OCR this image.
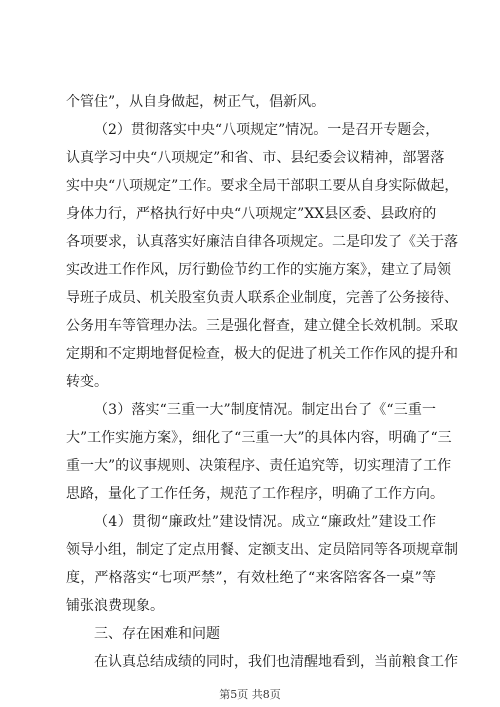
个管住”，从自身做起，树正气，倡新风。
（2）贯彻落实中央“八项规定”情况。一是召开专题会，
认真学习中央“八项规定”和省、市、县纪委会议精神，部署落
实中央“八项规定”工作。要求全局干部职工要从自身实际做起，
身体力行，严格执行好中央“八项规定”XX县区委、县政府的
各项要求，认真落实好廉洁自律各项规定。二是印发了《关于落
实改进工作作风，厉行勤俭节约工作的实施方案》，建立了局领
导班子成员、机关股室负责人联系企业制度，完善了公务接待、
公务用车等管理办法。三是强化督查，建立健全长效机制。采取
定期和不定期地督促检查，极大的促进了机关工作作风的提升和
转变。
（3）落实“三重一大”制度情况。制定出台了《“三重一
大”工作实施方案》，细化了“三重一大”的具体内容，明确了“三
重一大”的议事规则、决策程序、责任追究等，切实理清了工作
思路，量化了工作任务，规范了工作程序，明确了工作方向。
（4）贯彻“廉政灶”建设情况。成立“廉政灶”建设工作
领导小组，制定了定点用餐、定额支出、定员陪同等各项规章制
度，严格落实“七项严禁”，有效杜绝了“来客陪客各一桌”等
铺张浪费现象。
三、存在困难和问题
在认真总结成绩的同时，我们也清醒地看到，当前粮食工作
第5页 共8页
